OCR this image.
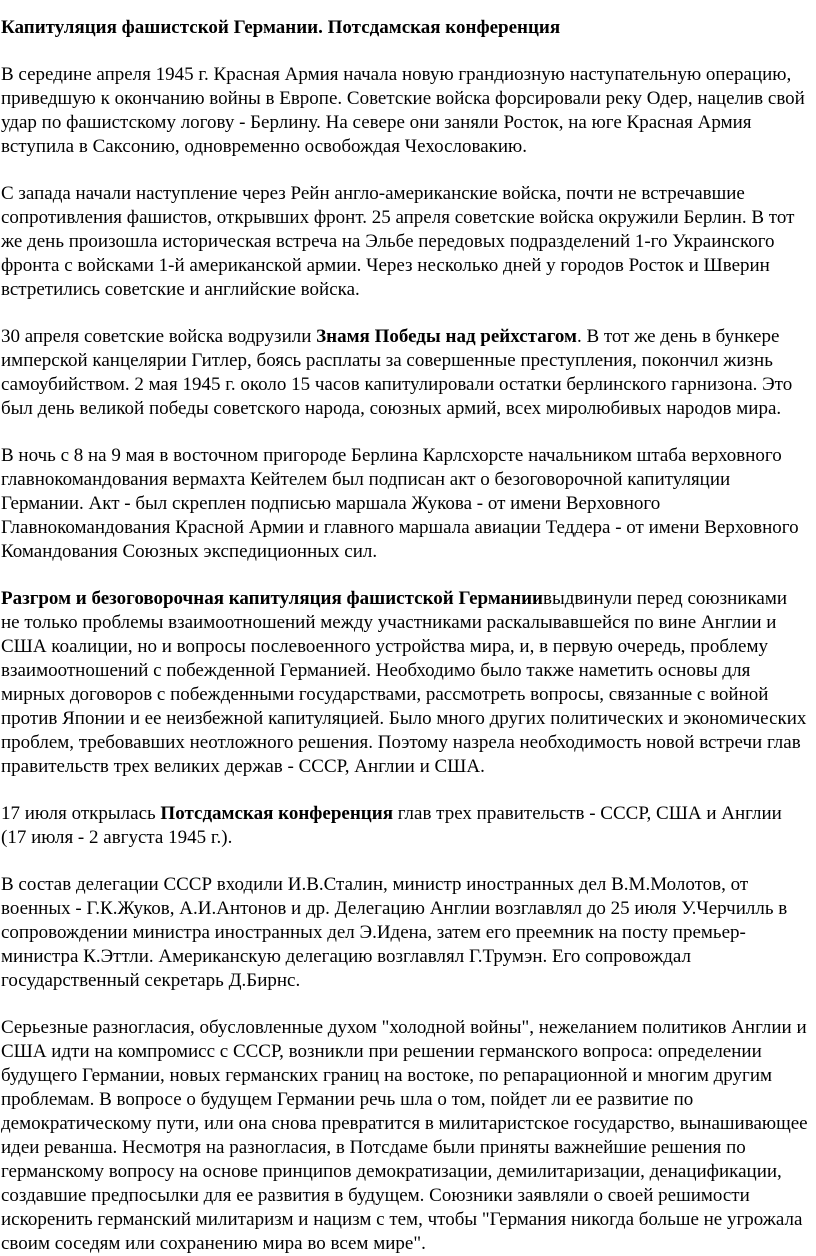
Капитуляция фашистской Германии. Потсдамская конференция

В середине апреля 1945 г. Красная Армия начала новую грандиозную наступательную операцию, приведшую к окончанию войны в Европе. Советские войска форсировали реку Одер, нацелив свой удар по фашистскому логову - Берлину. На севере они заняли Росток, на юге Красная Армия вступила в Саксонию, одновременно освобождая Чехословакию.

С запада начали наступление через Рейн англо-американские войска, почти не встречавшие сопротивления фашистов, открывших фронт. 25 апреля советские войска окружили Берлин. В тот же день произошла историческая встреча на Эльбе передовых подразделений 1-го Украинского фронта с войсками 1-й американской армии. Через несколько дней у городов Росток и Шверин встретились советские и английские войска.

30 апреля советские войска водрузили Знамя Победы над рейхстагом. В тот же день в бункере имперской канцелярии Гитлер, боясь расплаты за совершенные преступления, покончил жизнь самоубийством. 2 мая 1945 г. около 15 часов капитулировали остатки берлинского гарнизона. Это был день великой победы советского народа, союзных армий, всех миролюбивых народов мира.

В ночь с 8 на 9 мая в восточном пригороде Берлина Карлсхорсте начальником штаба верховного главнокомандования вермахта Кейтелем был подписан акт о безоговорочной капитуляции Германии. Акт - был скреплен подписью маршала Жукова - от имени Верховного Главнокомандования Красной Армии и главного маршала авиации Теддера - от имени Верховного Командования Союзных экспедиционных сил.

Разгром и безоговорочная капитуляция фашистской Германиивыдвинули перед союзниками не только проблемы взаимоотношений между участниками раскалывавшейся по вине Англии и США коалиции, но и вопросы послевоенного устройства мира, и, в первую очередь, проблему взаимоотношений с побежденной Германией. Необходимо было также наметить основы для мирных договоров с побежденными государствами, рассмотреть вопросы, связанные с войной против Японии и ее неизбежной капитуляцией. Было много других политических и экономических проблем, требовавших неотложного решения. Поэтому назрела необходимость новой встречи глав правительств трех великих держав - СССР, Англии и США.

17 июля открылась Потсдамская конференция глав трех правительств - СССР, США и Англии (17 июля - 2 августа 1945 г.).

В состав делегации СССР входили И.В.Сталин, министр иностранных дел В.М.Молотов, от военных - Г.К.Жуков, А.И.Антонов и др. Делегацию Англии возглавлял до 25 июля У.Черчилль в сопровождении министра иностранных дел Э.Идена, затем его преемник на посту премьер-министра К.Эттли. Американскую делегацию возглавлял Г.Трумэн. Его сопровождал государственный секретарь Д.Бирнс.

Серьезные разногласия, обусловленные духом "холодной войны", нежеланием политиков Англии и США идти на компромисс с СССР, возникли при решении германского вопроса: определении будущего Германии, новых германских границ на востоке, по репарационной и многим другим проблемам. В вопросе о будущем Германии речь шла о том, пойдет ли ее развитие по демократическому пути, или она снова превратится в милитаристское государство, вынашивающее идеи реванша. Несмотря на разногласия, в Потсдаме были приняты важнейшие решения по германскому вопросу на основе принципов демократизации, демилитаризации, денацификации, создавшие предпосылки для ее развития в будущем. Союзники заявляли о своей решимости искоренить германский милитаризм и нацизм с тем, чтобы "Германия никогда больше не угрожала своим соседям или сохранению мира во всем мире".
